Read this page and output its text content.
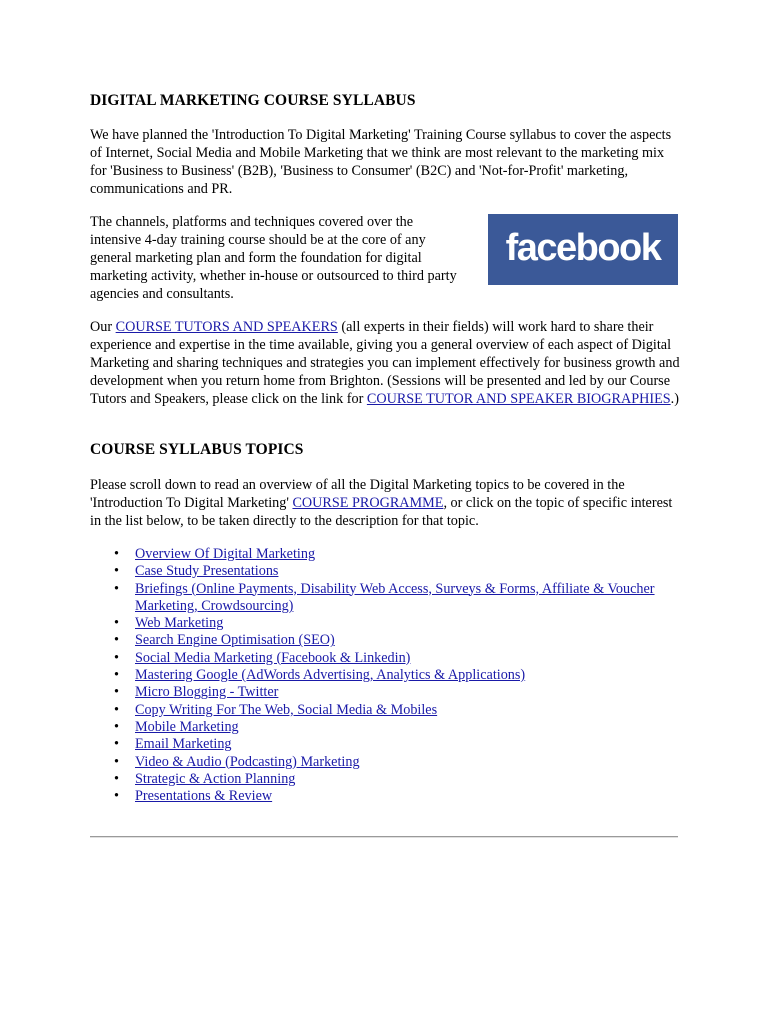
DIGITAL MARKETING COURSE SYLLABUS

We have planned the 'Introduction To Digital Marketing' Training Course syllabus to cover the aspects of Internet, Social Media and Mobile Marketing that we think are most relevant to the marketing mix for 'Business to Business' (B2B), 'Business to Consumer' (B2C) and 'Not-for-Profit' marketing, communications and PR.

The channels, platforms and techniques covered over the intensive 4-day training course should be at the core of any general marketing plan and form the foundation for digital marketing activity, whether in-house or outsourced to third party agencies and consultants.

facebook

Our COURSE TUTORS AND SPEAKERS (all experts in their fields) will work hard to share their experience and expertise in the time available, giving you a general overview of each aspect of Digital Marketing and sharing techniques and strategies you can implement effectively for business growth and development when you return home from Brighton. (Sessions will be presented and led by our Course Tutors and Speakers, please click on the link for COURSE TUTOR AND SPEAKER BIOGRAPHIES.)

COURSE SYLLABUS TOPICS

Please scroll down to read an overview of all the Digital Marketing topics to be covered in the 'Introduction To Digital Marketing' COURSE PROGRAMME, or click on the topic of specific interest in the list below, to be taken directly to the description for that topic.

• Overview Of Digital Marketing
• Case Study Presentations
• Briefings (Online Payments, Disability Web Access, Surveys & Forms, Affiliate & Voucher Marketing, Crowdsourcing)
• Web Marketing
• Search Engine Optimisation (SEO)
• Social Media Marketing (Facebook & Linkedin)
• Mastering Google (AdWords Advertising, Analytics & Applications)
• Micro Blogging - Twitter
• Copy Writing For The Web, Social Media & Mobiles
• Mobile Marketing
• Email Marketing
• Video & Audio (Podcasting) Marketing
• Strategic & Action Planning
• Presentations & Review
